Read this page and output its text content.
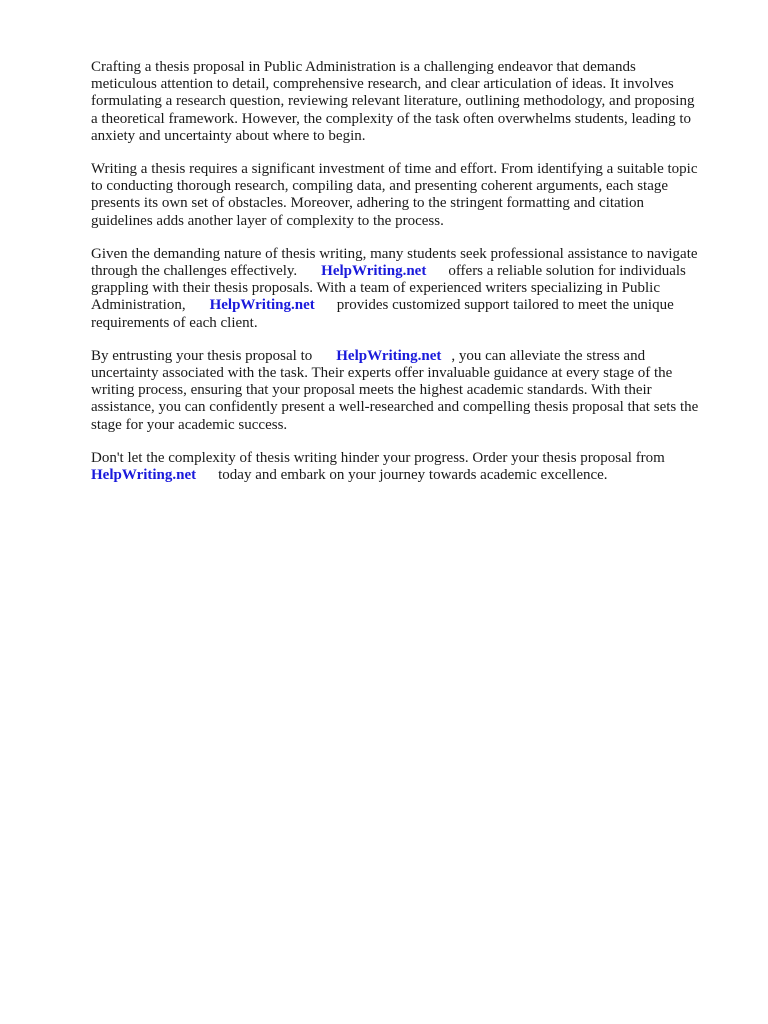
Crafting a thesis proposal in Public Administration is a challenging endeavor that demands
meticulous attention to detail, comprehensive research, and clear articulation of ideas. It involves
formulating a research question, reviewing relevant literature, outlining methodology, and proposing
a theoretical framework. However, the complexity of the task often overwhelms students, leading to
anxiety and uncertainty about where to begin.

Writing a thesis requires a significant investment of time and effort. From identifying a suitable topic
to conducting thorough research, compiling data, and presenting coherent arguments, each stage
presents its own set of obstacles. Moreover, adhering to the stringent formatting and citation
guidelines adds another layer of complexity to the process.

Given the demanding nature of thesis writing, many students seek professional assistance to navigate
through the challenges effectively. HelpWriting.net offers a reliable solution for individuals
grappling with their thesis proposals. With a team of experienced writers specializing in Public
Administration, HelpWriting.net provides customized support tailored to meet the unique
requirements of each client.

By entrusting your thesis proposal to HelpWriting.net , you can alleviate the stress and
uncertainty associated with the task. Their experts offer invaluable guidance at every stage of the
writing process, ensuring that your proposal meets the highest academic standards. With their
assistance, you can confidently present a well-researched and compelling thesis proposal that sets the
stage for your academic success.

Don't let the complexity of thesis writing hinder your progress. Order your thesis proposal from
HelpWriting.net today and embark on your journey towards academic excellence.
